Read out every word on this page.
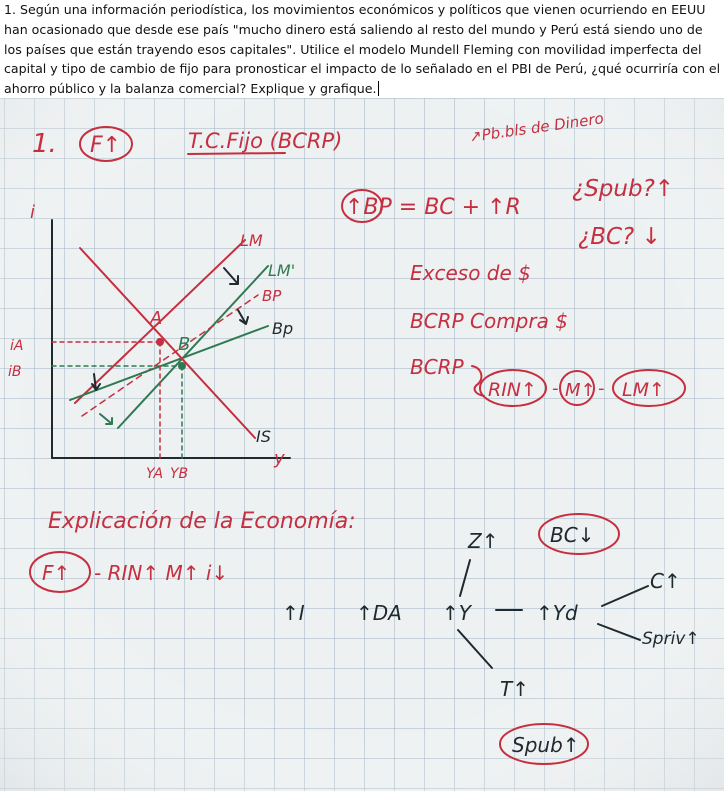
1. Según una información periodística, los movimientos económicos y políticos que vienen ocurriendo en EEUU han ocasionado que desde ese país "mucho dinero está saliendo al resto del mundo y Perú está siendo uno de los países que están trayendo esos capitales". Utilice el modelo Mundell Fleming con movilidad imperfecta del capital y tipo de cambio de fijo para pronosticar el impacto de lo señalado en el PBI de Perú, ¿qué ocurriría con el ahorro público y la balanza comercial? Explique y grafique.

1. F↑	T.C.Fijo (BCRP)	↗Pb.bls de Dinero
↑BP = BC + ↑R
¿Spub?↑
¿BC? ↓
Exceso de $
BCRP Compra $
BCRP
RIN↑ - M↑ - LM↑
i
y
LM
LM'
BP
Bp
IS
A
B
iA
iB
YA YB
Explicación de la Economía:
F↑ - RIN↑ M↑ i↓
↑I	↑DA ↑Y	↑Yd
Z↑	BC↓
C↑
Spriv↑
T↑
Spub↑
